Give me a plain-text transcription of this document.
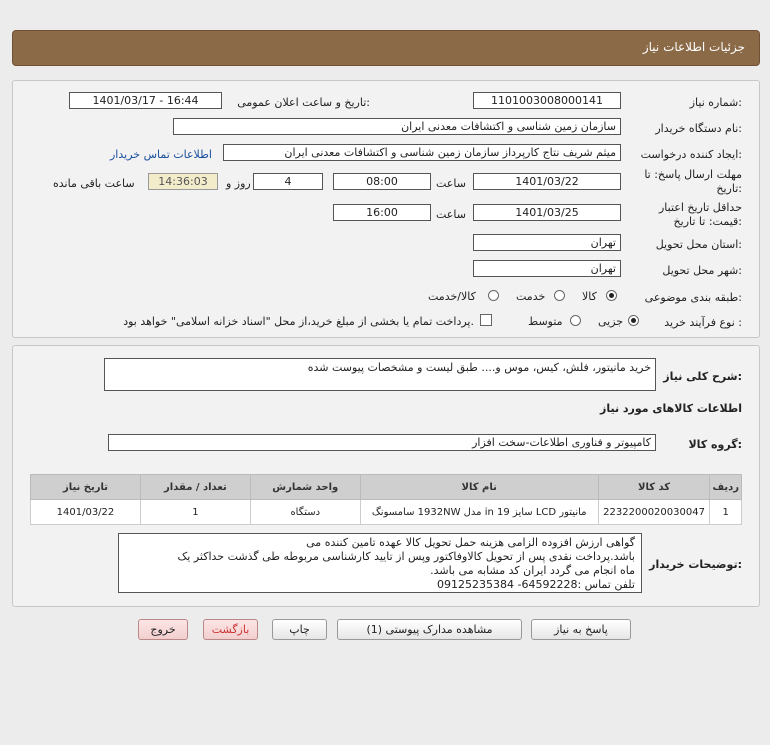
جزئیات اطلاعات نیاز
شماره نیاز:
1101003008000141
تاریخ و ساعت اعلان عمومی:
1401/03/17 - 16:44
نام دستگاه خریدار:
سازمان زمین شناسی و اکتشافات معدنی ایران
ایجاد کننده درخواست:
میثم شریف نتاج کارپرداز سازمان زمین شناسی و اکتشافات معدنی ایران
اطلاعات تماس خریدار
مهلت ارسال پاسخ: تا
تاریخ:
1401/03/22
ساعت
08:00
4
روز و
14:36:03
ساعت باقی مانده
حداقل تاریخ اعتبار
قیمت: تا تاریخ:
1401/03/25
ساعت
16:00
استان محل تحویل:
تهران
شهر محل تحویل:
تهران
طبقه بندی موضوعی:
کالا
خدمت
کالا/خدمت
نوع فرآیند خرید :
جزیی
متوسط
پرداخت تمام یا بخشی از مبلغ خرید،از محل "اسناد خزانه اسلامی" خواهد بود.
شرح کلی نیاز:
خرید مانیتور، فلش، کیس، موس و.... طبق لیست و مشخصات پیوست شده
اطلاعات کالاهای مورد نیاز
گروه کالا:
کامپیوتر و فناوری اطلاعات-سخت افزار
ردیف	کد کالا	نام کالا	واحد شمارش	تعداد / مقدار	تاریخ نیاز
1	2232200020030047	مانیتور LCD سایز 19 in مدل 1932NW سامسونگ	دستگاه	1	1401/03/22
توضیحات خریدار:
گواهی ارزش افزوده الزامی هزینه حمل تحویل کالا عهده تامین کننده می
باشد.پرداخت نقدی پس از تحویل کالاوفاکتور وپس از تایید کارشناسی مربوطه طی گذشت حداکثر یک
ماه انجام می گردد ایران کد مشابه می باشد.
تلفن تماس :64592228- 09125235384
پاسخ به نیاز
مشاهده مدارک پیوستی (1)
چاپ
بازگشت
خروج
